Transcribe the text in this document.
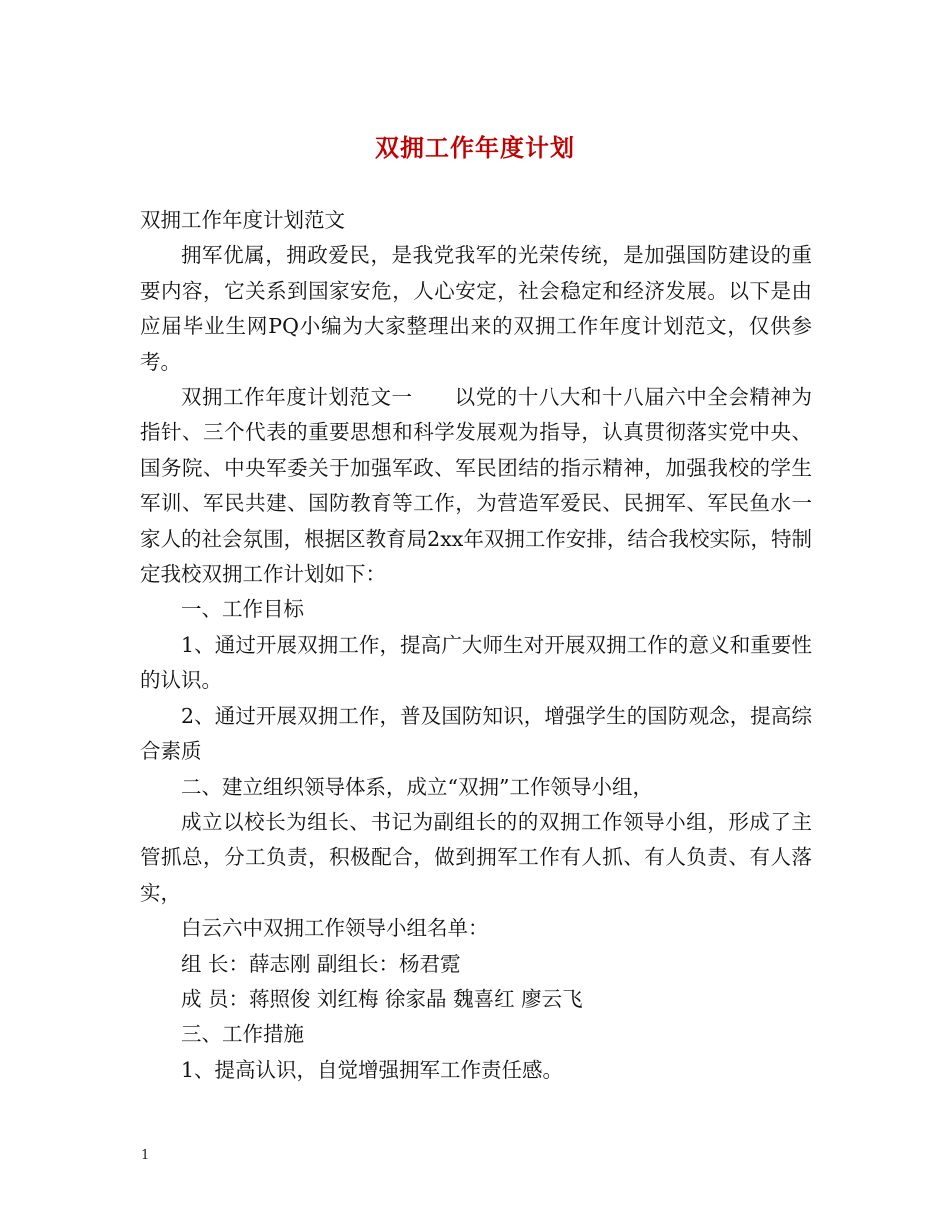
双拥工作年度计划

双拥工作年度计划范文

拥军优属，拥政爱民，是我党我军的光荣传统，是加强国防建设的重要内容，它关系到国家安危，人心安定，社会稳定和经济发展。以下是由应届毕业生网PQ小编为大家整理出来的双拥工作年度计划范文，仅供参考。

双拥工作年度计划范文一　　以党的十八大和十八届六中全会精神为指针、三个代表的重要思想和科学发展观为指导，认真贯彻落实党中央、国务院、中央军委关于加强军政、军民团结的指示精神，加强我校的学生军训、军民共建、国防教育等工作，为营造军爱民、民拥军、军民鱼水一家人的社会氛围，根据区教育局2xx年双拥工作安排，结合我校实际，特制定我校双拥工作计划如下：

一、工作目标

1、通过开展双拥工作，提高广大师生对开展双拥工作的意义和重要性的认识。

2、通过开展双拥工作，普及国防知识，增强学生的国防观念，提高综合素质

二、建立组织领导体系，成立“双拥”工作领导小组，

成立以校长为组长、书记为副组长的的双拥工作领导小组，形成了主管抓总，分工负责，积极配合，做到拥军工作有人抓、有人负责、有人落实，

白云六中双拥工作领导小组名单：

组 长：薛志刚 副组长：杨君霓

成 员：蒋照俊 刘红梅 徐家晶 魏喜红 廖云飞

三、工作措施

1、提高认识，自觉增强拥军工作责任感。

1
